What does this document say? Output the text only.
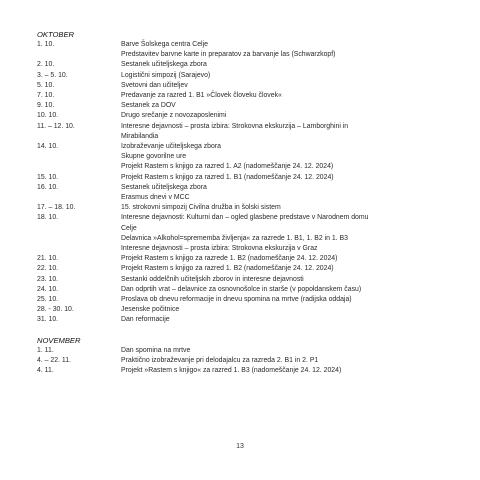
OKTOBER
1. 10.	Barve Šolskega centra Celje
Predstavitev barvne karte in preparatov za barvanje las (Schwarzkopf)
2. 10.	Sestanek učiteljskega zbora
3. – 5. 10.	Logistični simpozij (Sarajevo)
5. 10.	Svetovni dan učiteljev
7. 10.	Predavanje za razred 1. B1 »Človek človeku človek«
9. 10.	Sestanek za DOV
10. 10.	Drugo srečanje z novozaposlenimi
11. – 12. 10.	Interesne dejavnosti – prosta izbira: Strokovna ekskurzija – Lamborghini in
Mirabilandia
14. 10.	Izobraževanje učiteljskega zbora
Skupne govorilne ure
Projekt Rastem s knjigo za razred 1. A2 (nadomeščanje 24. 12. 2024)
15. 10.	Projekt Rastem s knjigo za razred 1. B1 (nadomeščanje 24. 12. 2024)
16. 10.	Sestanek učiteljskega zbora
Erasmus dnevi v MCC
17. – 18. 10.	15. strokovni simpozij Civilna družba in šolski sistem
18. 10.	Interesne dejavnosti: Kulturni dan – ogled glasbene predstave v Narodnem domu
Celje
Delavnica »Alkohol=sprememba življenja« za razrede 1. B1, 1. B2 in 1. B3
Interesne dejavnosti – prosta izbira: Strokovna ekskurzija v Graz
21. 10.	Projekt Rastem s knjigo za razrede 1. B2 (nadomeščanje 24. 12. 2024)
22. 10.	Projekt Rastem s knjigo za razred 1. B2 (nadomeščanje 24. 12. 2024)
23. 10.	Sestanki oddelčnih učiteljskih zborov in interesne dejavnosti
24. 10.	Dan odprtih vrat – delavnice za osnovnošolce in starše (v popoldanskem času)
25. 10.	Proslava ob dnevu reformacije in dnevu spomina na mrtve (radijska oddaja)
28. - 30. 10.	Jesenske počitnice
31. 10.	Dan reformacije
NOVEMBER
1. 11.	Dan spomina na mrtve
4. – 22. 11.	Praktično izobraževanje pri delodajalcu za razreda 2. B1 in 2. P1
4. 11.	Projekt »Rastem s knjigo« za razred 1. B3 (nadomeščanje 24. 12. 2024)
13
